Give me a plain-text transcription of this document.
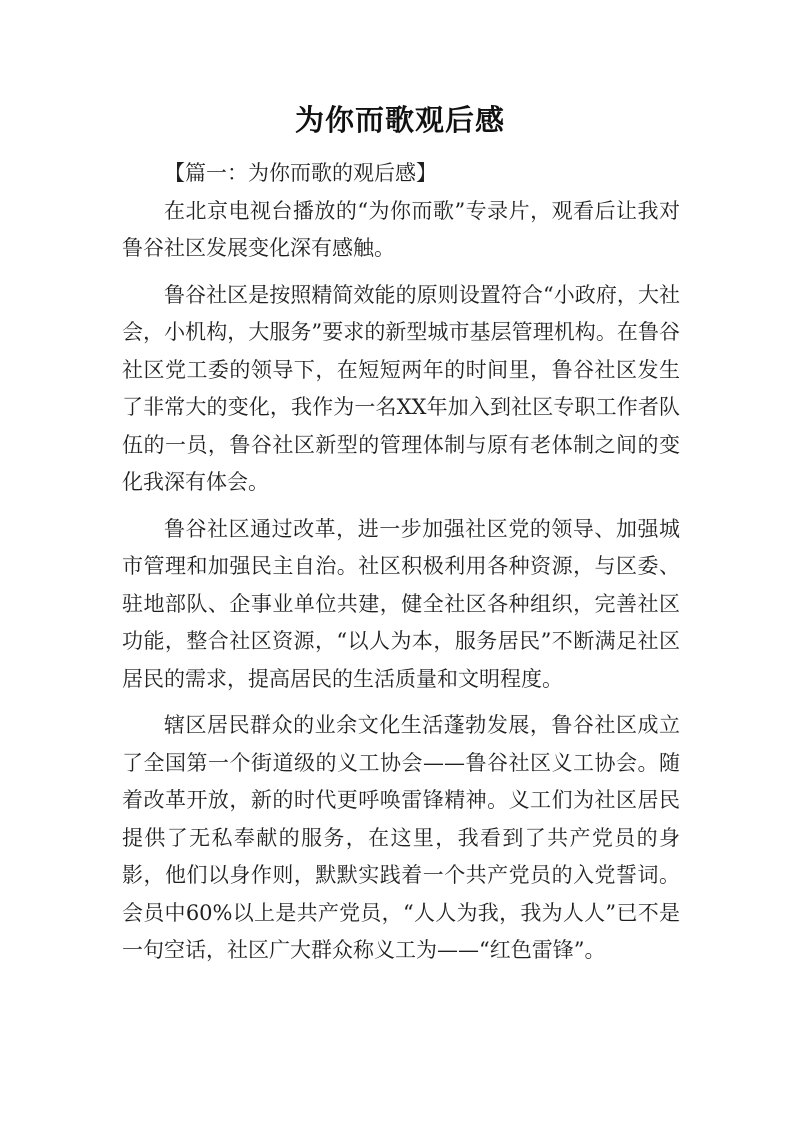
为你而歌观后感

【篇一：为你而歌的观后感】

在北京电视台播放的“为你而歌”专录片，观看后让我对鲁谷社区发展变化深有感触。

鲁谷社区是按照精简效能的原则设置符合“小政府，大社会，小机构，大服务”要求的新型城市基层管理机构。在鲁谷社区党工委的领导下，在短短两年的时间里，鲁谷社区发生了非常大的变化，我作为一名XX年加入到社区专职工作者队伍的一员，鲁谷社区新型的管理体制与原有老体制之间的变化我深有体会。

鲁谷社区通过改革，进一步加强社区党的领导、加强城市管理和加强民主自治。社区积极利用各种资源，与区委、驻地部队、企事业单位共建，健全社区各种组织，完善社区功能，整合社区资源，“以人为本，服务居民”不断满足社区居民的需求，提高居民的生活质量和文明程度。

辖区居民群众的业余文化生活蓬勃发展，鲁谷社区成立了全国第一个街道级的义工协会——鲁谷社区义工协会。随着改革开放，新的时代更呼唤雷锋精神。义工们为社区居民提供了无私奉献的服务，在这里，我看到了共产党员的身影，他们以身作则，默默实践着一个共产党员的入党誓词。会员中60%以上是共产党员，“人人为我，我为人人”已不是一句空话，社区广大群众称义工为——“红色雷锋”。
